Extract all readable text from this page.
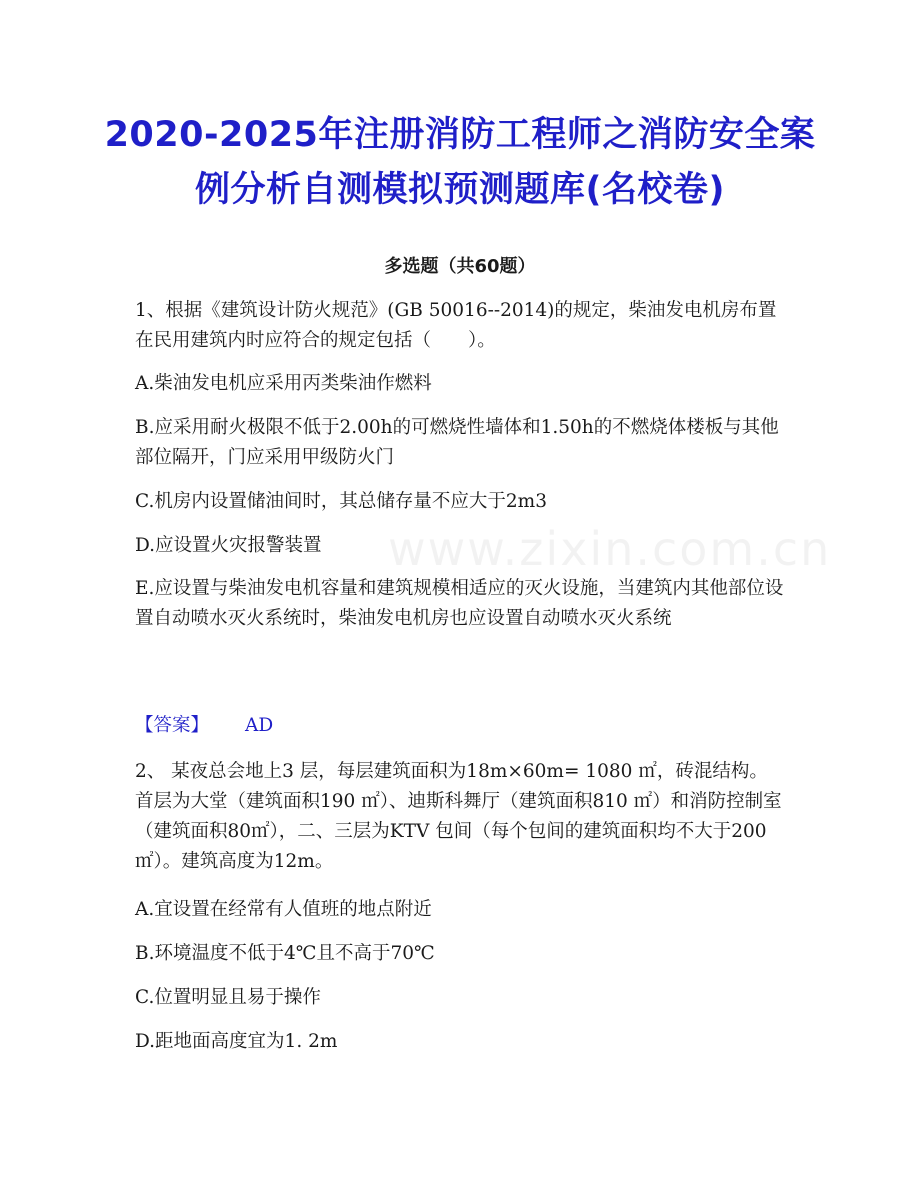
2020-2025年注册消防工程师之消防安全案例分析自测模拟预测题库(名校卷)
多选题（共60题）

1、根据《建筑设计防火规范》(GB 50016--2014)的规定，柴油发电机房布置在民用建筑内时应符合的规定包括（　　）。

A.柴油发电机应采用丙类柴油作燃料

B.应采用耐火极限不低于2.00h的可燃烧性墙体和1.50h的不燃烧体楼板与其他部位隔开，门应采用甲级防火门

C.机房内设置储油间时，其总储存量不应大于2m3

D.应设置火灾报警装置

E.应设置与柴油发电机容量和建筑规模相适应的灭火设施，当建筑内其他部位设置自动喷水灭火系统时，柴油发电机房也应设置自动喷水灭火系统

【答案】 AD

2、 某夜总会地上3 层，每层建筑面积为18m×60m= 1080 ㎡，砖混结构。首层为大堂（建筑面积190 ㎡）、迪斯科舞厅（建筑面积810 ㎡）和消防控制室（建筑面积80㎡），二、三层为KTV 包间（每个包间的建筑面积均不大于200 ㎡）。建筑高度为12m。

A.宜设置在经常有人值班的地点附近

B.环境温度不低于4℃且不高于70℃

C.位置明显且易于操作

D.距地面高度宜为1. 2m

www.zixin.com.cn
